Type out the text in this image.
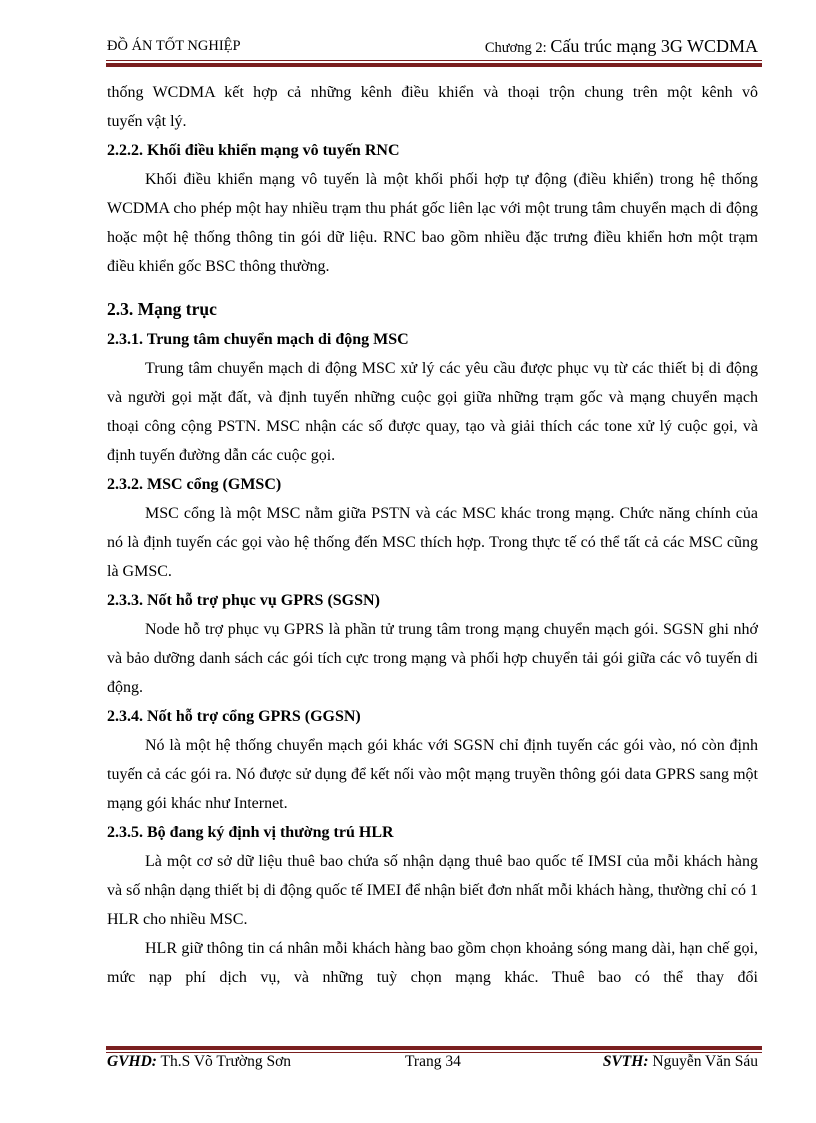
ĐỒ ÁN TỐT NGHIỆP	Chương 2: Cấu trúc mạng 3G WCDMA

thống WCDMA kết hợp cả những kênh điều khiển và thoại trộn chung trên một kênh vô

tuyến vật lý.

2.2.2. Khối điều khiển mạng vô tuyến RNC

Khối điều khiển mạng vô tuyến là một khối phối hợp tự động (điều khiển) trong hệ thống WCDMA cho phép một hay nhiều trạm thu phát gốc liên lạc với một trung tâm chuyển mạch di động hoặc một hệ thống thông tin gói dữ liệu. RNC bao gồm nhiều đặc trưng điều khiển hơn một trạm điều khiển gốc BSC thông thường.

2.3. Mạng trục

2.3.1. Trung tâm chuyển mạch di động MSC

Trung tâm chuyển mạch di động MSC xử lý các yêu cầu được phục vụ từ các thiết bị di động và người gọi mặt đất, và định tuyến những cuộc gọi giữa những trạm gốc và mạng chuyển mạch thoại công cộng PSTN. MSC nhận các số được quay, tạo và giải thích các tone xử lý cuộc gọi, và định tuyến đường dẫn các cuộc gọi.

2.3.2. MSC cổng (GMSC)

MSC cổng là một MSC nằm giữa PSTN và các MSC khác trong mạng. Chức năng chính của nó là định tuyến các gọi vào hệ thống đến MSC thích hợp. Trong thực tế có thể tất cả các MSC cũng là GMSC.

2.3.3. Nốt hỗ trợ phục vụ GPRS (SGSN)

Node hỗ trợ phục vụ GPRS là phần tử trung tâm trong mạng chuyển mạch gói. SGSN ghi nhớ và bảo dưỡng danh sách các gói tích cực trong mạng và phối hợp chuyển tải gói giữa các vô tuyến di động.

2.3.4. Nốt hỗ trợ cổng GPRS (GGSN)

Nó là một hệ thống chuyển mạch gói khác với SGSN chỉ định tuyến các gói vào, nó còn định tuyến cả các gói ra. Nó được sử dụng để kết nối vào một mạng truyền thông gói data GPRS sang một mạng gói khác như Internet.

2.3.5. Bộ đang ký định vị thường trú HLR

Là một cơ sở dữ liệu thuê bao chứa số nhận dạng thuê bao quốc tế IMSI của mỗi khách hàng và số nhận dạng thiết bị di động quốc tế IMEI để nhận biết đơn nhất mỗi khách hàng, thường chỉ có 1 HLR cho nhiều MSC.

HLR giữ thông tin cá nhân mỗi khách hàng bao gồm chọn khoảng sóng mang dài, hạn chế gọi, mức nạp phí dịch vụ, và những tuỳ chọn mạng khác. Thuê bao có thể thay đổi

GVHD: Th.S Võ Trường Sơn	Trang 34	SVTH: Nguyễn Văn Sáu
